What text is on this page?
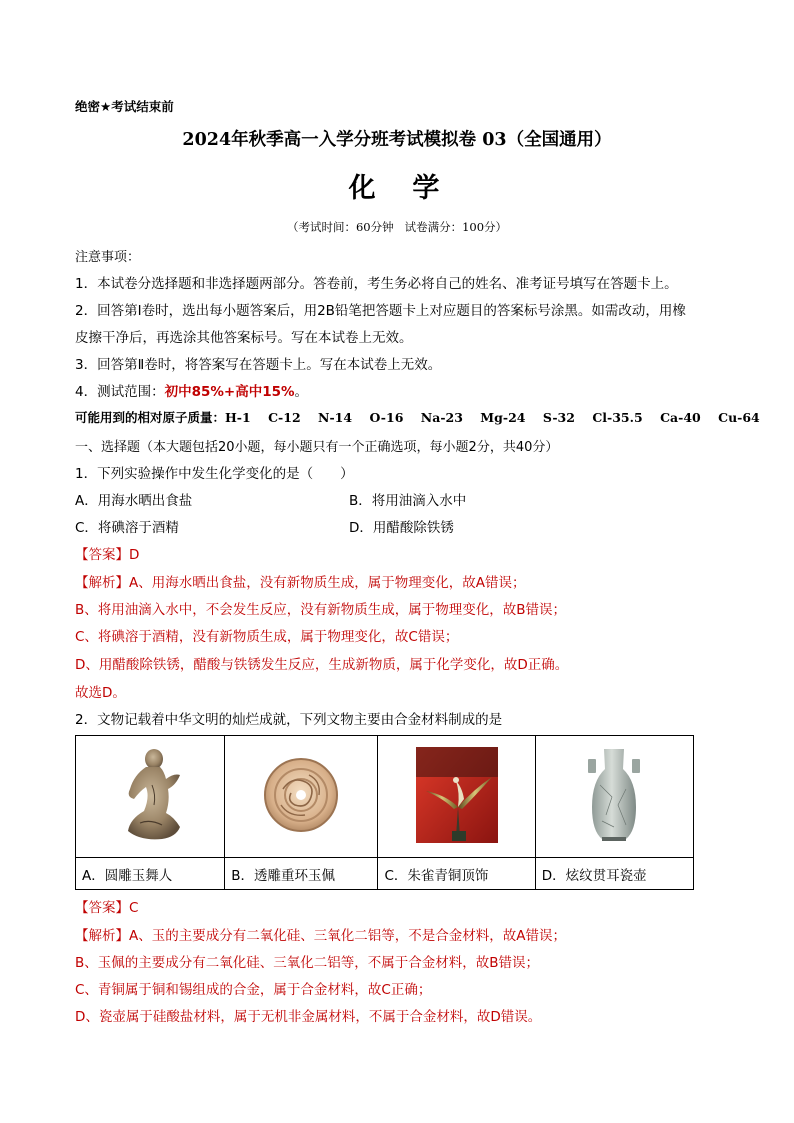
绝密★考试结束前
2024年秋季高一入学分班考试模拟卷 03（全国通用）
化  学
（考试时间：60分钟   试卷满分：100分）
注意事项：
1．本试卷分选择题和非选择题两部分。答卷前，考生务必将自己的姓名、准考证号填写在答题卡上。
2．回答第Ⅰ卷时，选出每小题答案后，用2B铅笔把答题卡上对应题目的答案标号涂黑。如需改动，用橡
皮擦干净后，再选涂其他答案标号。写在本试卷上无效。
3．回答第Ⅱ卷时，将答案写在答题卡上。写在本试卷上无效。
4．测试范围：初中85%+高中15%。
可能用到的相对原子质量：H-1    C-12    N-14    O-16    Na-23    Mg-24    S-32    Cl-35.5    Ca-40    Cu-64
一、选择题（本大题包括20小题，每小题只有一个正确选项，每小题2分，共40分）
1．下列实验操作中发生化学变化的是（　　）
A．用海水晒出食盐	B．将用油滴入水中
C．将碘溶于酒精	D．用醋酸除铁锈
【答案】D
【解析】A、用海水晒出食盐，没有新物质生成，属于物理变化，故A错误；
B、将用油滴入水中，不会发生反应，没有新物质生成，属于物理变化，故B错误；
C、将碘溶于酒精，没有新物质生成，属于物理变化，故C错误；
D、用醋酸除铁锈，醋酸与铁锈发生反应，生成新物质，属于化学变化，故D正确。
故选D。
2．文物记载着中华文明的灿烂成就，下列文物主要由合金材料制成的是

A．圆雕玉舞人	B．透雕重环玉佩	C．朱雀青铜顶饰	D．炫纹贯耳瓷壶
【答案】C
【解析】A、玉的主要成分有二氧化硅、三氧化二铝等，不是合金材料，故A错误；
B、玉佩的主要成分有二氧化硅、三氧化二铝等，不属于合金材料，故B错误；
C、青铜属于铜和锡组成的合金，属于合金材料，故C正确；
D、瓷壶属于硅酸盐材料，属于无机非金属材料，不属于合金材料，故D错误。
